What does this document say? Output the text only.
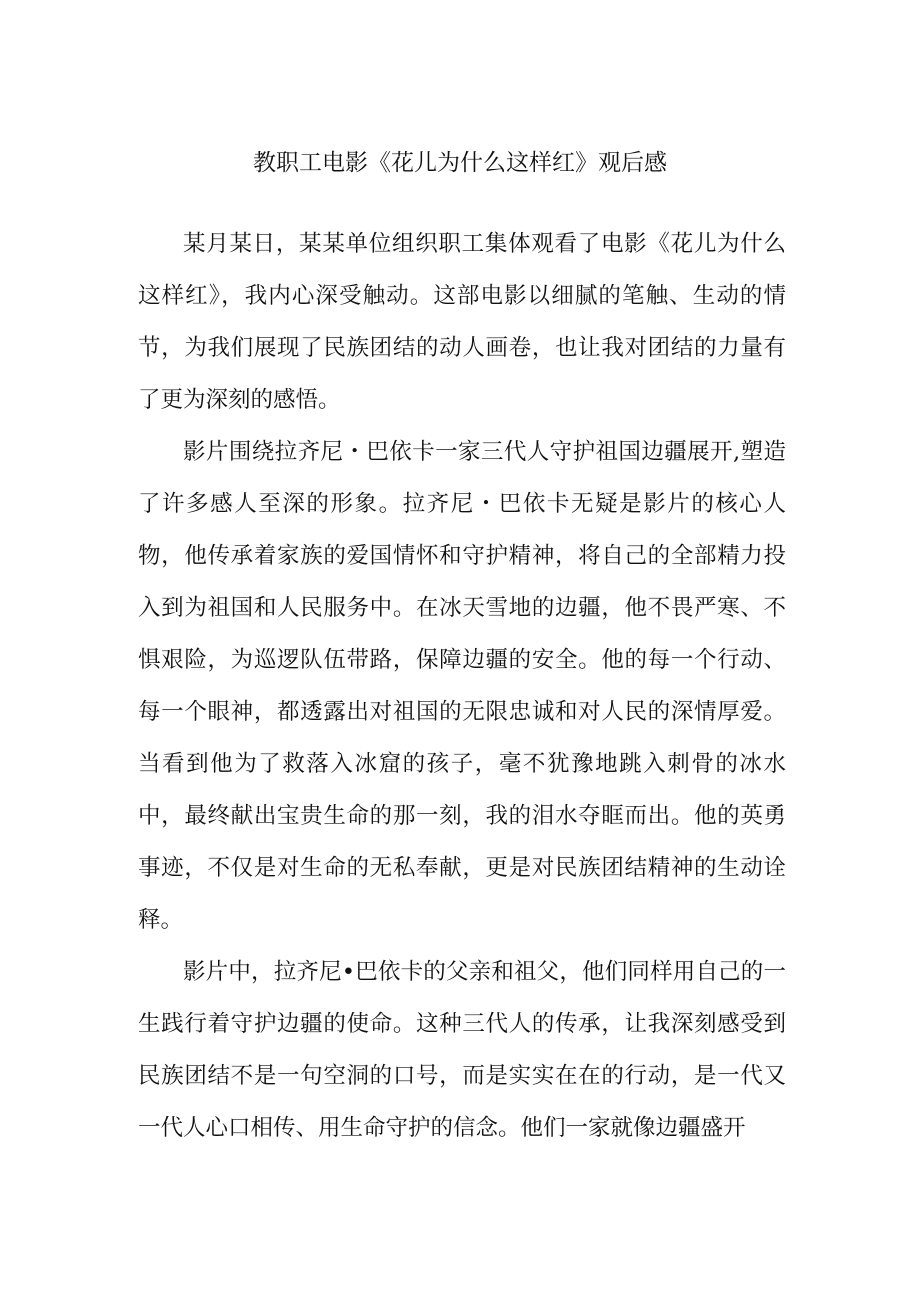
教职工电影《花儿为什么这样红》观后感

某月某日，某某单位组织职工集体观看了电影《花儿为什么这样红》，我内心深受触动。这部电影以细腻的笔触、生动的情节，为我们展现了民族团结的动人画卷，也让我对团结的力量有了更为深刻的感悟。

影片围绕拉齐尼・巴依卡一家三代人守护祖国边疆展开,塑造了许多感人至深的形象。拉齐尼・巴依卡无疑是影片的核心人物，他传承着家族的爱国情怀和守护精神，将自己的全部精力投入到为祖国和人民服务中。在冰天雪地的边疆，他不畏严寒、不惧艰险，为巡逻队伍带路，保障边疆的安全。他的每一个行动、每一个眼神，都透露出对祖国的无限忠诚和对人民的深情厚爱。当看到他为了救落入冰窟的孩子，毫不犹豫地跳入刺骨的冰水中，最终献出宝贵生命的那一刻，我的泪水夺眶而出。他的英勇事迹，不仅是对生命的无私奉献，更是对民族团结精神的生动诠释。

影片中，拉齐尼•巴依卡的父亲和祖父，他们同样用自己的一生践行着守护边疆的使命。这种三代人的传承，让我深刻感受到民族团结不是一句空洞的口号，而是实实在在的行动，是一代又一代人心口相传、用生命守护的信念。他们一家就像边疆盛开
